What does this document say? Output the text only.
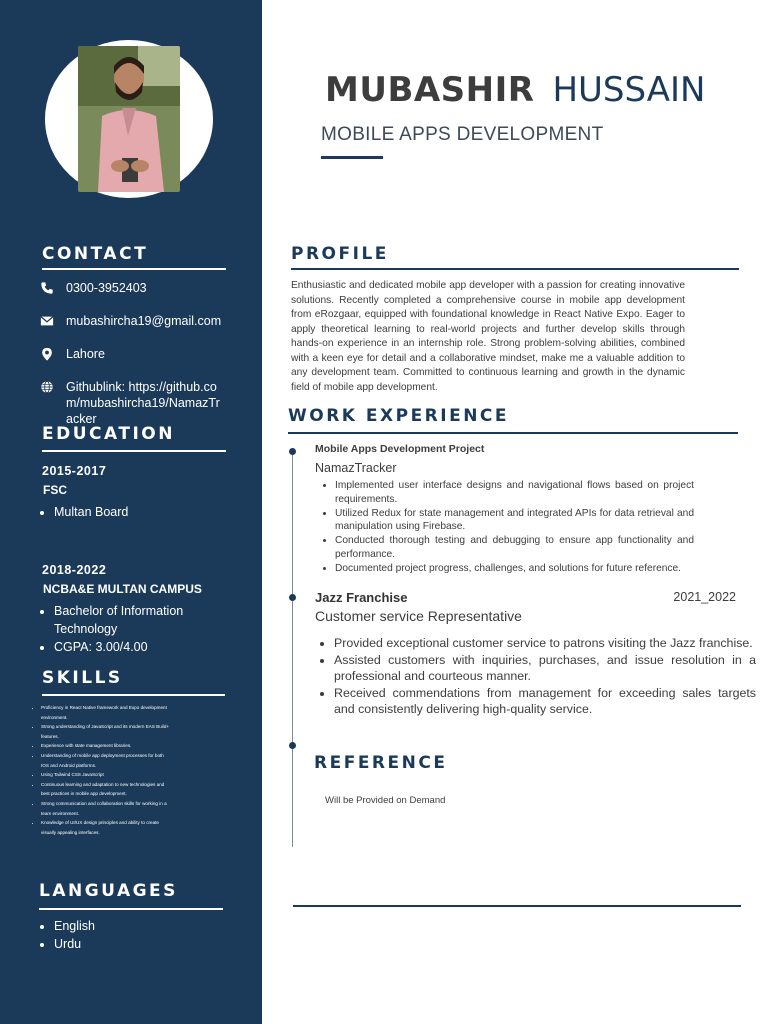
CONTACT
0300-3952403
mubashircha19@gmail.com
Lahore
Githublink: https://github.com/mubashircha19/NamazTracker
EDUCATION
2015-2017
FSC
• Multan Board
2018-2022
NCBA&E MULTAN CAMPUS
• Bachelor of Information Technology
• CGPA: 3.00/4.00
SKILLS
• Proficiency in React Native framework and Expo development environment.
• Strong understanding of JavaScript and its modern EAS Build+ features.
• Experience with state management libraries.
• Understanding of mobile app deployment processes for both IOS and Android platforms.
• Using Tailwind CSS JavaScript
• Continuous learning and adaptation to new technologies and best practices in mobile app development.
• Strong communication and collaboration skills for working in a team environment.
• Knowledge of UI/UX design principles and ability to create visually appealing interfaces.
LANGUAGES
• English
• Urdu
MUBASHIR HUSSAIN
MOBILE APPS DEVELOPMENT
PROFILE

Enthusiastic and dedicated mobile app developer with a passion for creating innovative solutions. Recently completed a comprehensive course in mobile app development from eRozgaar, equipped with foundational knowledge in React Native Expo. Eager to apply theoretical learning to real-world projects and further develop skills through hands-on experience in an internship role. Strong problem-solving abilities, combined with a keen eye for detail and a collaborative mindset, make me a valuable addition to any development team. Committed to continuous learning and growth in the dynamic field of mobile app development.

WORK EXPERIENCE
Mobile Apps Development Project
NamazTracker
• Implemented user interface designs and navigational flows based on project requirements.
• Utilized Redux for state management and integrated APIs for data retrieval and manipulation using Firebase.
• Conducted thorough testing and debugging to ensure app functionality and performance.
• Documented project progress, challenges, and solutions for future reference.
Jazz Franchise	2021_2022
Customer service Representative
• Provided exceptional customer service to patrons visiting the Jazz franchise.
• Assisted customers with inquiries, purchases, and issue resolution in a professional and courteous manner.
• Received commendations from management for exceeding sales targets and consistently delivering high-quality service.
REFERENCE
Will be Provided on Demand
